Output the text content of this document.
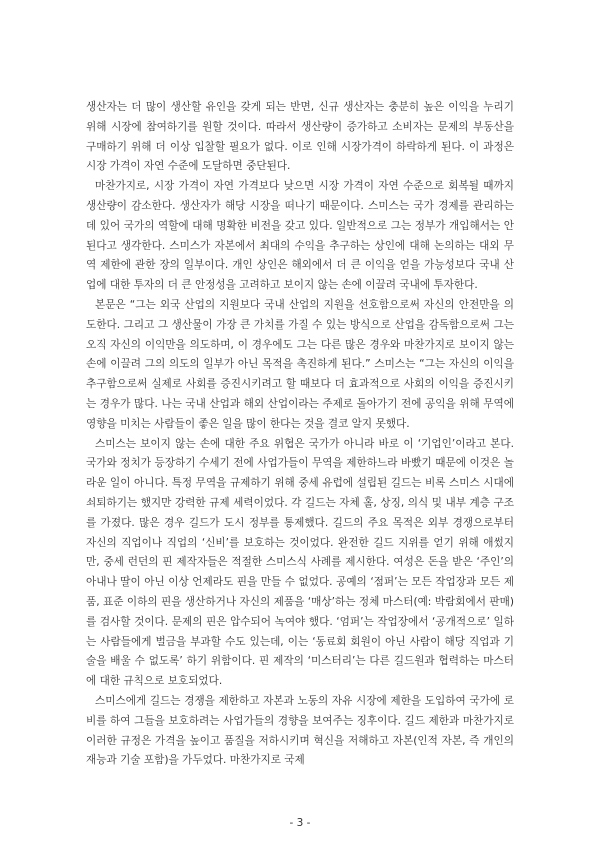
생산자는 더 많이 생산할 유인을 갖게 되는 반면, 신규 생산자는 충분히 높은 이익을 누리기 위해 시장에 참여하기를 원할 것이다. 따라서 생산량이 증가하고 소비자는 문제의 부동산을 구매하기 위해 더 이상 입찰할 필요가 없다. 이로 인해 시장가격이 하락하게 된다. 이 과정은 시장 가격이 자연 수준에 도달하면 중단된다.

마찬가지로, 시장 가격이 자연 가격보다 낮으면 시장 가격이 자연 수준으로 회복될 때까지 생산량이 감소한다. 생산자가 해당 시장을 떠나기 때문이다. 스미스는 국가 경제를 관리하는 데 있어 국가의 역할에 대해 명확한 비전을 갖고 있다. 일반적으로 그는 정부가 개입해서는 안 된다고 생각한다. 스미스가 자본에서 최대의 수익을 추구하는 상인에 대해 논의하는 대외 무역 제한에 관한 장의 일부이다. 개인 상인은 해외에서 더 큰 이익을 얻을 가능성보다 국내 산업에 대한 투자의 더 큰 안정성을 고려하고 보이지 않는 손에 이끌려 국내에 투자한다.

본문은 “그는 외국 산업의 지원보다 국내 산업의 지원을 선호함으로써 자신의 안전만을 의도한다. 그리고 그 생산물이 가장 큰 가치를 가질 수 있는 방식으로 산업을 감독함으로써 그는 오직 자신의 이익만을 의도하며, 이 경우에도 그는 다른 많은 경우와 마찬가지로 보이지 않는 손에 이끌려 그의 의도의 일부가 아닌 목적을 촉진하게 된다.” 스미스는 “그는 자신의 이익을 추구함으로써 실제로 사회를 증진시키려고 할 때보다 더 효과적으로 사회의 이익을 증진시키는 경우가 많다. 나는 국내 산업과 해외 산업이라는 주제로 돌아가기 전에 공익을 위해 무역에 영향을 미치는 사람들이 좋은 일을 많이 한다는 것을 결코 알지 못했다.

스미스는 보이지 않는 손에 대한 주요 위협은 국가가 아니라 바로 이 ‘기업인’이라고 본다. 국가와 정치가 등장하기 수세기 전에 사업가들이 무역을 제한하느라 바빴기 때문에 이것은 놀라운 일이 아니다. 특정 무역을 규제하기 위해 중세 유럽에 설립된 길드는 비록 스미스 시대에 쇠퇴하기는 했지만 강력한 규제 세력이었다. 각 길드는 자체 홀, 상징, 의식 및 내부 계층 구조를 가졌다. 많은 경우 길드가 도시 정부를 통제했다. 길드의 주요 목적은 외부 경쟁으로부터 자신의 직업이나 직업의 ‘신비’를 보호하는 것이었다. 완전한 길드 지위를 얻기 위해 애썼지만, 중세 런던의 핀 제작자들은 적절한 스미스식 사례를 제시한다. 여성은 돈을 받은 ‘주인’의 아내나 딸이 아닌 이상 언제라도 핀을 만들 수 없었다. 공예의 ‘점퍼’는 모든 작업장과 모든 제품, 표준 이하의 핀을 생산하거나 자신의 제품을 ‘매상’하는 정체 마스터(예: 박람회에서 판매)를 검사할 것이다. 문제의 핀은 압수되어 녹여야 했다. ‘엄퍼’는 작업장에서 ‘공개적으로’ 일하는 사람들에게 벌금을 부과할 수도 있는데, 이는 ‘동료회 회원이 아닌 사람이 해당 직업과 기술을 배울 수 없도록’ 하기 위함이다. 핀 제작의 ‘미스터리’는 다른 길드원과 협력하는 마스터에 대한 규칙으로 보호되었다.

스미스에게 길드는 경쟁을 제한하고 자본과 노동의 자유 시장에 제한을 도입하여 국가에 로비를 하여 그들을 보호하려는 사업가들의 경향을 보여주는 징후이다. 길드 제한과 마찬가지로 이러한 규정은 가격을 높이고 품질을 저하시키며 혁신을 저해하고 자본(인적 자본, 즉 개인의 재능과 기술 포함)을 가두었다. 마찬가지로 국제

- 3 -
